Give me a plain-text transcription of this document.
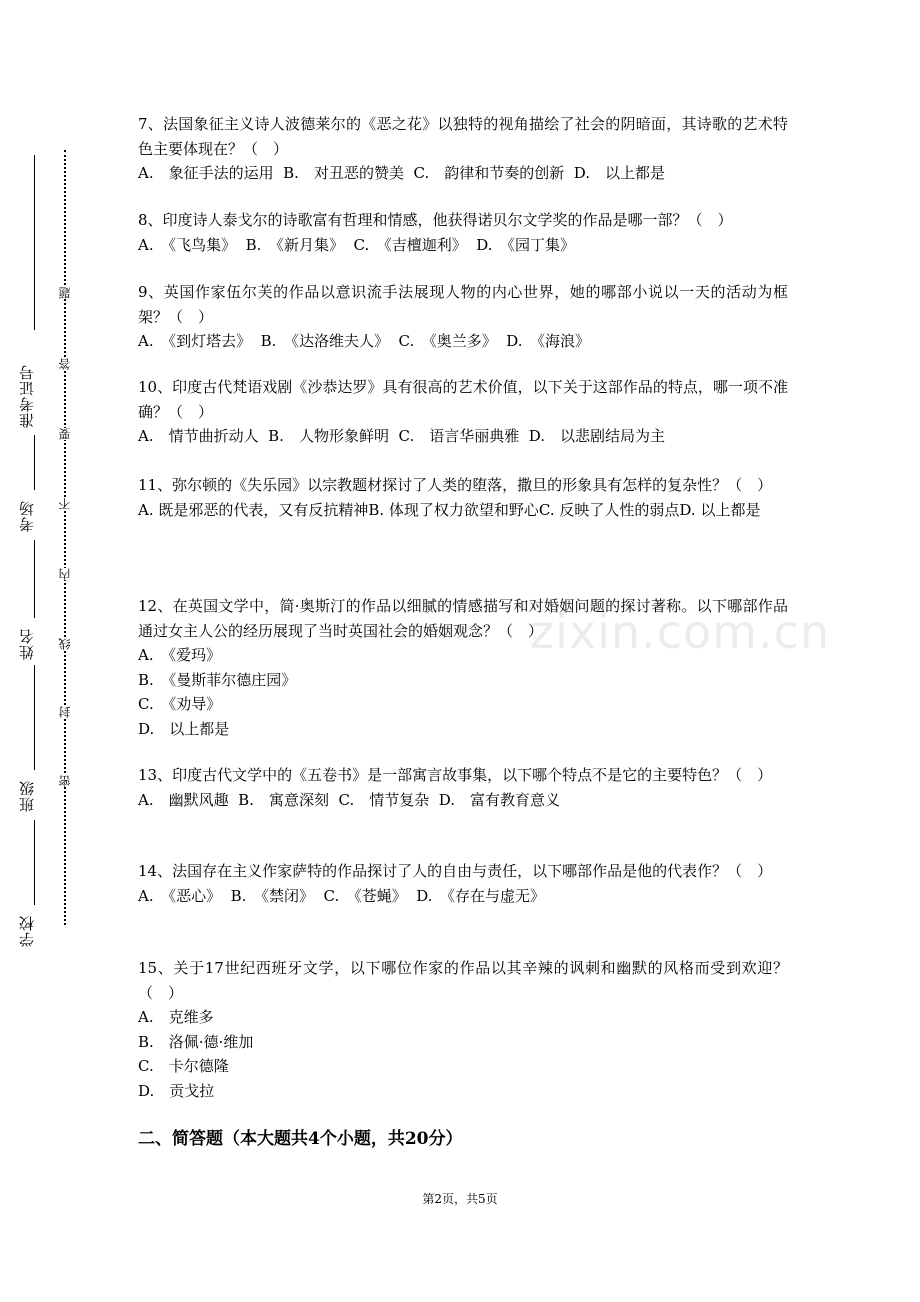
zixin.com.cn
准考证号
考场
姓名
班级
学校
题
答
要
不
内
线
封
密

7、法国象征主义诗人波德莱尔的《恶之花》以独特的视角描绘了社会的阴暗面，其诗歌的艺术特色主要体现在？（　）

A.　象征手法的运用 B.　对丑恶的赞美 C.　韵律和节奏的创新 D.　以上都是

8、印度诗人泰戈尔的诗歌富有哲理和情感，他获得诺贝尔文学奖的作品是哪一部？（　）

A.　《飞鸟集》 B.　《新月集》 C.　《吉檀迦利》 D.　《园丁集》

9、英国作家伍尔芙的作品以意识流手法展现人物的内心世界，她的哪部小说以一天的活动为框架？（　）

A.　《到灯塔去》 B.　《达洛维夫人》 C.　《奥兰多》 D.　《海浪》

10、印度古代梵语戏剧《沙恭达罗》具有很高的艺术价值，以下关于这部作品的特点，哪一项不准确？（　）

A.　情节曲折动人 B.　人物形象鲜明 C.　语言华丽典雅 D.　以悲剧结局为主

11、弥尔顿的《失乐园》以宗教题材探讨了人类的堕落，撒旦的形象具有怎样的复杂性？（　）

A. 既是邪恶的代表，又有反抗精神B. 体现了权力欲望和野心C. 反映了人性的弱点D. 以上都是

12、在英国文学中，简·奥斯汀的作品以细腻的情感描写和对婚姻问题的探讨著称。以下哪部作品通过女主人公的经历展现了当时英国社会的婚姻观念？（　）

A.　《爱玛》

B.　《曼斯菲尔德庄园》

C.　《劝导》

D.　以上都是

13、印度古代文学中的《五卷书》是一部寓言故事集，以下哪个特点不是它的主要特色？（　）

A.　幽默风趣 B.　寓意深刻 C.　情节复杂 D.　富有教育意义

14、法国存在主义作家萨特的作品探讨了人的自由与责任，以下哪部作品是他的代表作？（　）

A.　《恶心》 B.　《禁闭》 C.　《苍蝇》 D.　《存在与虚无》

15、关于17世纪西班牙文学，以下哪位作家的作品以其辛辣的讽刺和幽默的风格而受到欢迎？（　）

A.　克维多

B.　洛佩·德·维加

C.　卡尔德隆

D.　贡戈拉

二、简答题（本大题共4个小题，共20分）
第2页，共5页
